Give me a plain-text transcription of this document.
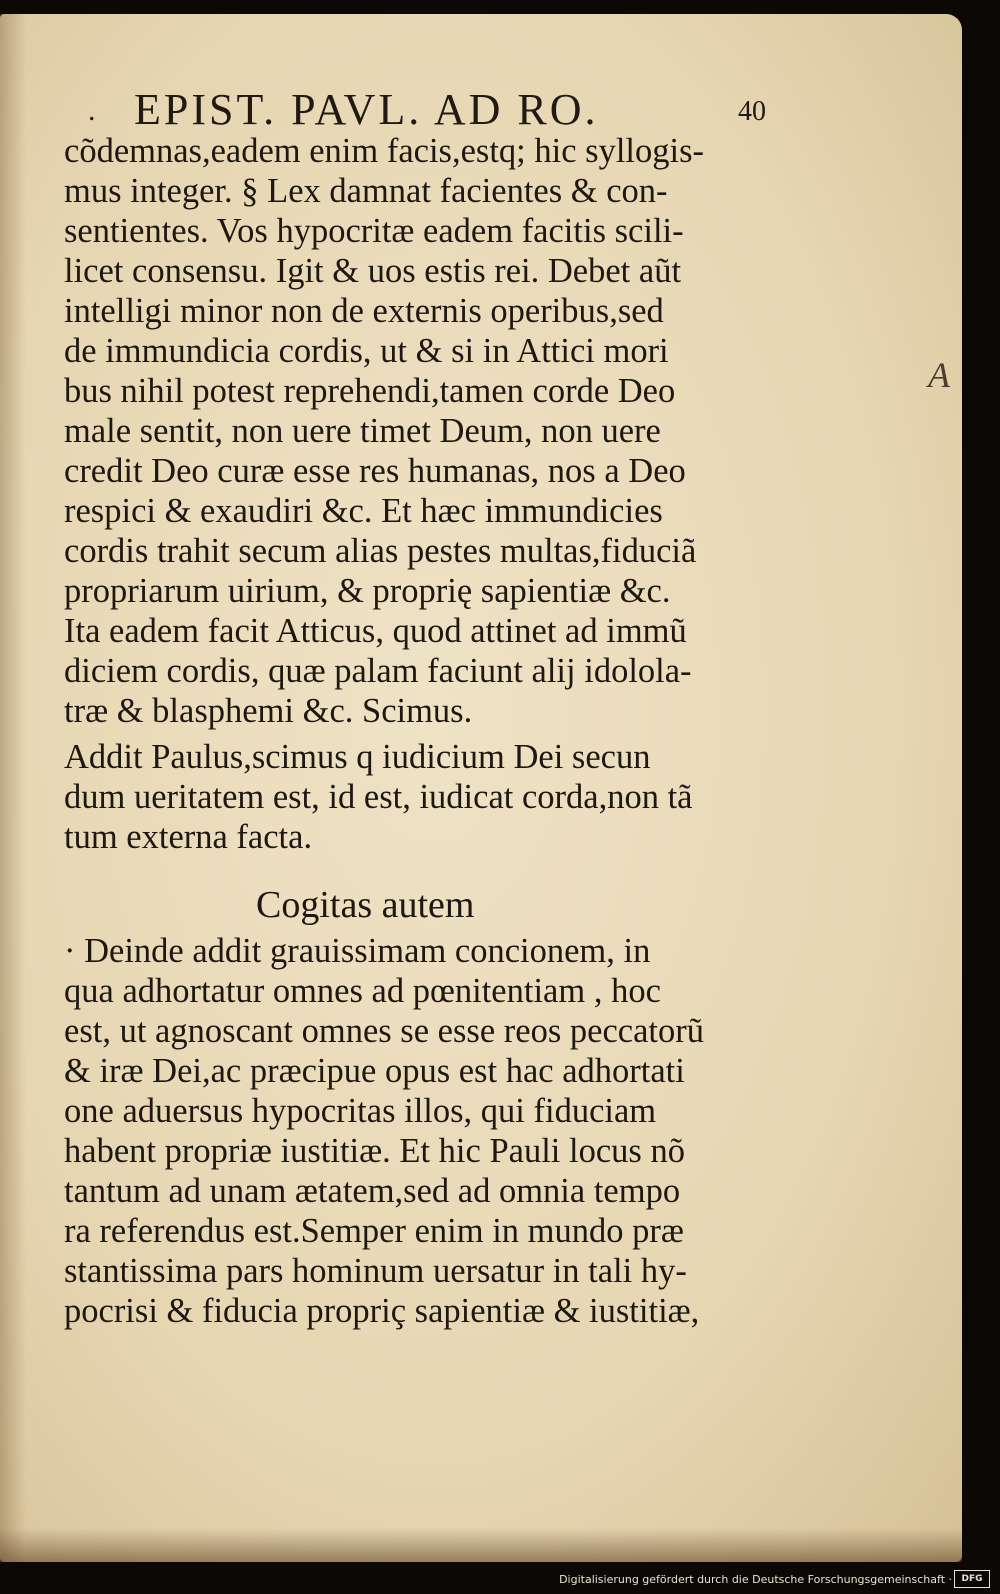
. EPIST. PAVL. AD RO.	40
cõdemnas,eadem enim facis,estq; hic syllogis-
mus integer. § Lex damnat facientes & con-
sentientes. Vos hypocritæ eadem facitis scili-
licet consensu. Igit & uos estis rei. Debet aũt
intelligi minor non de externis operibus,sed
de immundicia cordis, ut & si in Attici mori
bus nihil potest reprehendi,tamen corde Deo
male sentit, non uere timet Deum, non uere
credit Deo curæ esse res humanas, nos a Deo
respici & exaudiri &c. Et hæc immundicies
cordis trahit secum alias pestes multas,fiduciã
propriarum uirium, & proprię sapientiæ &c.
Ita eadem facit Atticus, quod attinet ad immũ
diciem cordis, quæ palam faciunt alij idolola-
træ & blasphemi &c. Scimus.
Addit Paulus,scimus q iudicium Dei secun
dum ueritatem est, id est, iudicat corda,non tã
tum externa facta.
Cogitas autem
· Deinde addit grauissimam concionem, in
qua adhortatur omnes ad pœnitentiam , hoc
est, ut agnoscant omnes se esse reos peccatorũ
& iræ Dei,ac præcipue opus est hac adhortati
one aduersus hypocritas illos, qui fiduciam
habent propriæ iustitiæ. Et hic Pauli locus nõ
tantum ad unam ætatem,sed ad omnia tempo
ra referendus est.Semper enim in mundo præ
stantissima pars hominum uersatur in tali hy-
pocrisi & fiducia propriç sapientiæ & iustitiæ,
A
Digitalisierung gefördert durch die Deutsche Forschungsgemeinschaft ·	DFG
